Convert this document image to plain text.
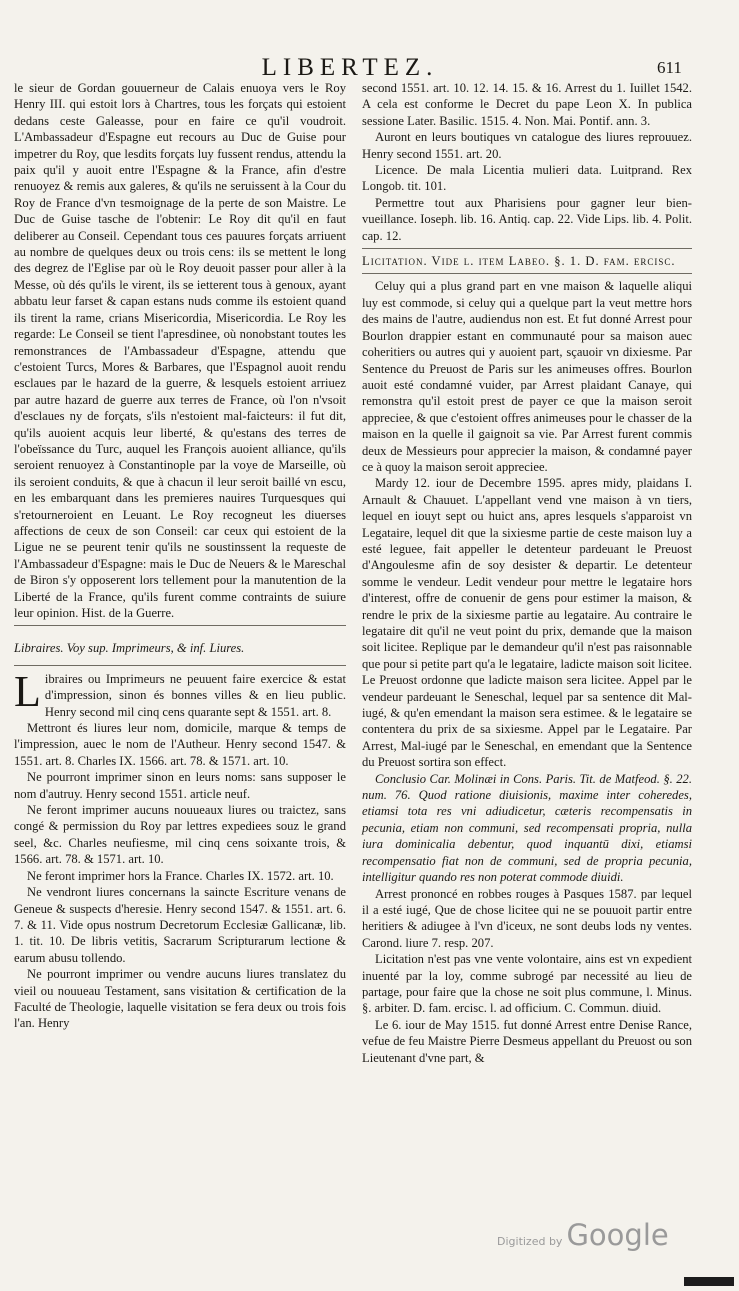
LIBERTEZ.	611

le sieur de Gordan gouuerneur de Calais enuoya vers le Roy Henry III. qui estoit lors à Chartres, tous les forçats qui estoient dedans ceste Galeasse, pour en faire ce qu'il voudroit. L'Ambassadeur d'Espagne eut recours au Duc de Guise pour impetrer du Roy, que lesdits forçats luy fussent rendus, attendu la paix qu'il y auoit entre l'Espagne & la France, afin d'estre renuoyez & remis aux galeres, & qu'ils ne seruissent à la Cour du Roy de France d'vn tesmoignage de la perte de son Maistre. Le Duc de Guise tasche de l'obtenir: Le Roy dit qu'il en faut deliberer au Conseil. Cependant tous ces pauures forçats arriuent au nombre de quelques deux ou trois cens: ils se mettent le long des degrez de l'Eglise par où le Roy deuoit passer pour aller à la Messe, où dés qu'ils le virent, ils se ietterent tous à genoux, ayant abbatu leur farset & capan estans nuds comme ils estoient quand ils tirent la rame, crians Misericordia, Misericordia. Le Roy les regarde: Le Conseil se tient l'apresdinee, où nonobstant toutes les remonstrances de l'Ambassadeur d'Espagne, attendu que c'estoient Turcs, Mores & Barbares, que l'Espagnol auoit rendu esclaues par le hazard de la guerre, & lesquels estoient arriuez par autre hazard de guerre aux terres de France, où l'on n'vsoit d'esclaues ny de forçats, s'ils n'estoient mal-faicteurs: il fut dit, qu'ils auoient acquis leur liberté, & qu'estans des terres de l'obeïssance du Turc, auquel les François auoient alliance, qu'ils seroient renuoyez à Constantinople par la voye de Marseille, où ils seroient conduits, & que à chacun il leur seroit baillé vn escu, en les embarquant dans les premieres nauires Turquesques qui s'retourneroient en Leuant. Le Roy recogneut les diuerses affections de ceux de son Conseil: car ceux qui estoient de la Ligue ne se peurent tenir qu'ils ne soustinssent la requeste de l'Ambassadeur d'Espagne: mais le Duc de Neuers & le Mareschal de Biron s'y opposerent lors tellement pour la manutention de la Liberté de la France, qu'ils furent comme contraints de suiure leur opinion. Hist. de la Guerre.

Libraires. Voy sup. Imprimeurs, & inf. Liures.

Libraires ou Imprimeurs ne peuuent faire exercice & estat d'impression, sinon és bonnes villes & en lieu public. Henry second mil cinq cens quarante sept & 1551. art. 8.

Mettront és liures leur nom, domicile, marque & temps de l'impression, auec le nom de l'Autheur. Henry second 1547. & 1551. art. 8. Charles IX. 1566. art. 78. & 1571. art. 10.

Ne pourront imprimer sinon en leurs noms: sans supposer le nom d'autruy. Henry second 1551. article neuf.

Ne feront imprimer aucuns nouueaux liures ou traictez, sans congé & permission du Roy par lettres expediees souz le grand seel, &c. Charles neufiesme, mil cinq cens soixante trois, & 1566. art. 78. & 1571. art. 10.

Ne feront imprimer hors la France. Charles IX. 1572. art. 10.

Ne vendront liures concernans la saincte Escriture venans de Geneue & suspects d'heresie. Henry second 1547. & 1551. art. 6. 7. & 11. Vide opus nostrum Decretorum Ecclesiæ Gallicanæ, lib. 1. tit. 10. De libris vetitis, Sacrarum Scripturarum lectione & earum abusu tollendo.

Ne pourront imprimer ou vendre aucuns liures translatez du vieil ou nouueau Testament, sans visitation & certification de la Faculté de Theologie, laquelle visitation se fera deux ou trois fois l'an. Henry

second 1551. art. 10. 12. 14. 15. & 16. Arrest du 1. Iuillet 1542. A cela est conforme le Decret du pape Leon X. In publica sessione Later. Basilic. 1515. 4. Non. Mai. Pontif. ann. 3.

Auront en leurs boutiques vn catalogue des liures reprouuez. Henry second 1551. art. 20.

Licence. De mala Licentia mulieri data. Luitprand. Rex Longob. tit. 101.

Permettre tout aux Pharisiens pour gagner leur bien-vueillance. Ioseph. lib. 16. Antiq. cap. 22. Vide Lips. lib. 4. Polit. cap. 12.

Licitation. Vide l. item Labeo. §. 1. D. fam. ercisc.

Celuy qui a plus grand part en vne maison & laquelle aliqui luy est commode, si celuy qui a quelque part la veut mettre hors des mains de l'autre, audiendus non est. Et fut donné Arrest pour Bourlon drappier estant en communauté pour sa maison auec coheritiers ou autres qui y auoient part, sçauoir vn dixiesme. Par Sentence du Preuost de Paris sur les animeuses offres. Bourlon auoit esté condamné vuider, par Arrest plaidant Canaye, qui remonstra qu'il estoit prest de payer ce que la maison seroit appreciee, & que c'estoient offres animeuses pour le chasser de la maison en la quelle il gaignoit sa vie. Par Arrest furent commis deux de Messieurs pour apprecier la maison, & condamné payer ce à quoy la maison seroit appreciee.

Mardy 12. iour de Decembre 1595. apres midy, plaidans I. Arnault & Chauuet. L'appellant vend vne maison à vn tiers, lequel en iouyt sept ou huict ans, apres lesquels s'apparoist vn Legataire, lequel dit que la sixiesme partie de ceste maison luy a esté leguee, fait appeller le detenteur pardeuant le Preuost d'Angoulesme afin de soy desister & departir. Le detenteur somme le vendeur. Ledit vendeur pour mettre le legataire hors d'interest, offre de conuenir de gens pour estimer la maison, & rendre le prix de la sixiesme partie au legataire. Au contraire le legataire dit qu'il ne veut point du prix, demande que la maison soit licitee. Replique par le demandeur qu'il n'est pas raisonnable que pour si petite part qu'a le legataire, ladicte maison soit licitee. Le Preuost ordonne que ladicte maison sera licitee. Appel par le vendeur pardeuant le Seneschal, lequel par sa sentence dit Mal-iugé, & qu'en emendant la maison sera estimee. & le legataire se contentera du prix de sa sixiesme. Appel par le Legataire. Par Arrest, Mal-iugé par le Seneschal, en emendant que la Sentence du Preuost sortira son effect.

Conclusio Car. Molinæi in Cons. Paris. Tit. de Matfeod. §. 22. num. 76. Quod ratione diuisionis, maxime inter coheredes, etiamsi tota res vni adiudicetur, cæteris recompensatis in pecunia, etiam non communi, sed recompensati propria, nulla iura dominicalia debentur, quod inquantū dixi, etiamsi recompensatio fiat non de communi, sed de propria pecunia, intelligitur quando res non poterat commode diuidi.

Arrest prononcé en robbes rouges à Pasques 1587. par lequel il a esté iugé, Que de chose licitee qui ne se pouuoit partir entre heritiers & adiugee à l'vn d'iceux, ne sont deubs lods ny ventes. Carond. liure 7. resp. 207.

Licitation n'est pas vne vente volontaire, ains est vn expedient inuenté par la loy, comme subrogé par necessité au lieu de partage, pour faire que la chose ne soit plus commune, l. Minus. §. arbiter. D. fam. ercisc. l. ad officium. C. Commun. diuid.

Le 6. iour de May 1515. fut donné Arrest entre Denise Rance, vefue de feu Maistre Pierre Desmeus appellant du Preuost ou son Lieutenant d'vne part, &

Digitized by Google
